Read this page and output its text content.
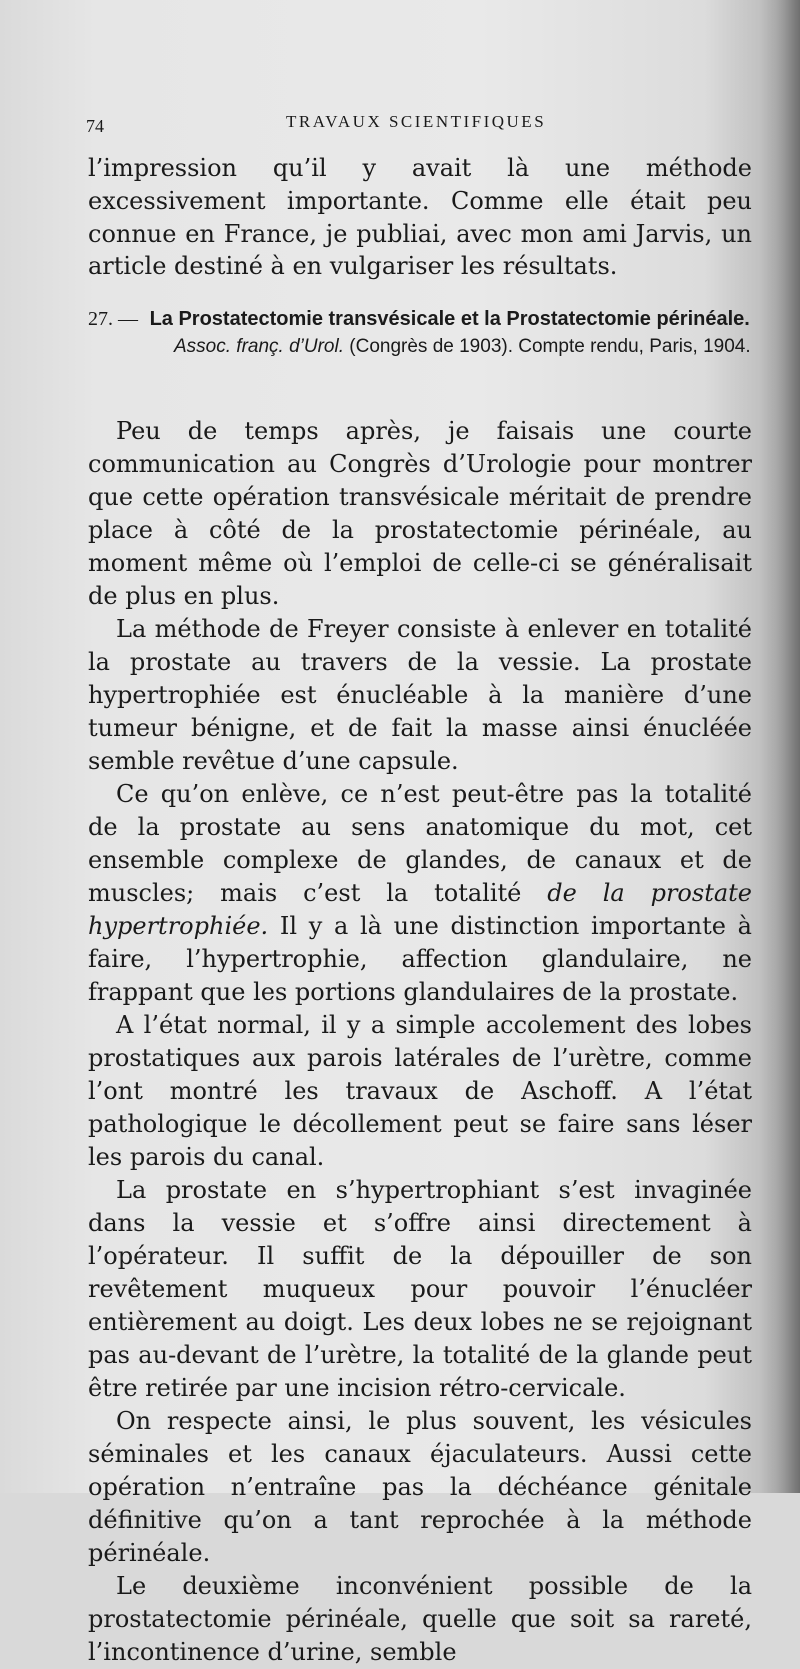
74	TRAVAUX SCIENTIFIQUES

l’impression qu’il y avait là une méthode excessivement importante. Comme elle était peu connue en France, je publiai, avec mon ami Jarvis, un article destiné à en vulgariser les résultats.

27. — La Prostatectomie transvésicale et la Prostatectomie périnéale.
Assoc. franç. d’Urol. (Congrès de 1903). Compte rendu, Paris, 1904.

Peu de temps après, je faisais une courte communication au Congrès d’Urologie pour montrer que cette opération transvésicale méritait de prendre place à côté de la prostatectomie périnéale, au moment même où l’emploi de celle-ci se généralisait de plus en plus.

La méthode de Freyer consiste à enlever en totalité la prostate au travers de la vessie. La prostate hypertrophiée est énucléable à la manière d’une tumeur bénigne, et de fait la masse ainsi énucléée semble revêtue d’une capsule.

Ce qu’on enlève, ce n’est peut-être pas la totalité de la prostate au sens anatomique du mot, cet ensemble complexe de glandes, de canaux et de muscles; mais c’est la totalité de la prostate hypertrophiée. Il y a là une distinction importante à faire, l’hypertrophie, affection glandulaire, ne frappant que les portions glandulaires de la prostate.

A l’état normal, il y a simple accolement des lobes prostatiques aux parois latérales de l’urètre, comme l’ont montré les travaux de Aschoff. A l’état pathologique le décollement peut se faire sans léser les parois du canal.

La prostate en s’hypertrophiant s’est invaginée dans la vessie et s’offre ainsi directement à l’opérateur. Il suffit de la dépouiller de son revêtement muqueux pour pouvoir l’énucléer entièrement au doigt. Les deux lobes ne se rejoignant pas au-devant de l’urètre, la totalité de la glande peut être retirée par une incision rétro-cervicale.

On respecte ainsi, le plus souvent, les vésicules séminales et les canaux éjaculateurs. Aussi cette opération n’entraîne pas la déchéance génitale définitive qu’on a tant reprochée à la méthode périnéale.

Le deuxième inconvénient possible de la prostatectomie périnéale, quelle que soit sa rareté, l’incontinence d’urine, semble
